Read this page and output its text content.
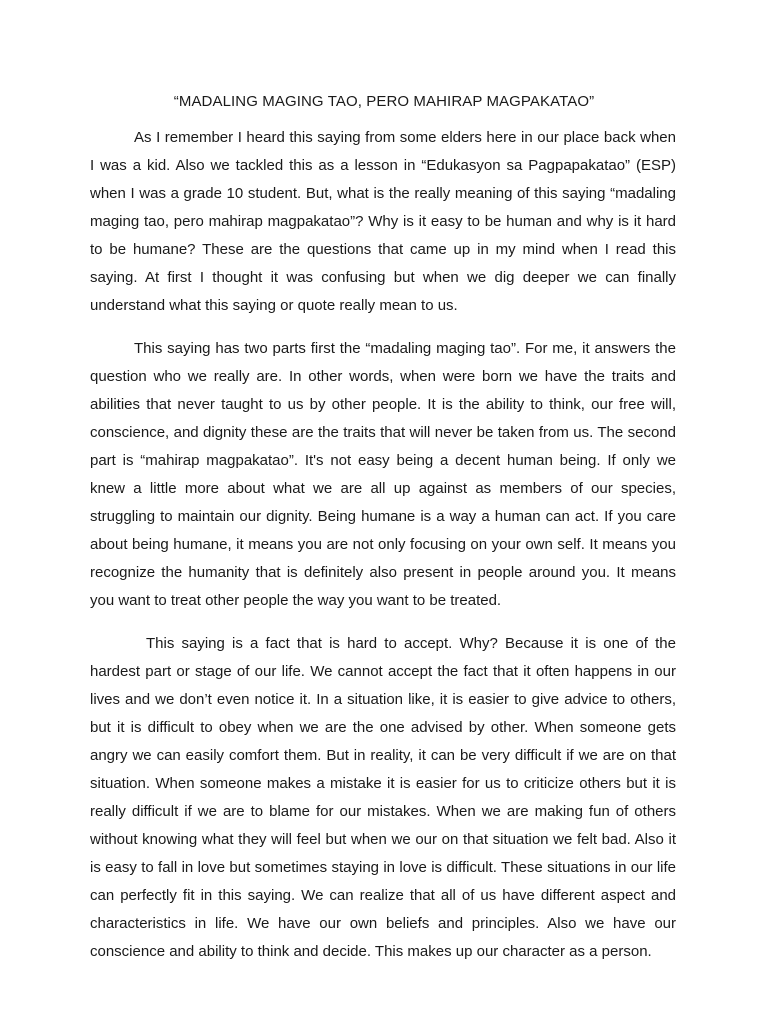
“MADALING MAGING TAO, PERO MAHIRAP MAGPAKATAO”

As I remember I heard this saying from some elders here in our place back when I was a kid. Also we tackled this as a lesson in “Edukasyon sa Pagpapakatao” (ESP) when I was a grade 10 student. But, what is the really meaning of this saying “madaling maging tao, pero mahirap magpakatao”? Why is it easy to be human and why is it hard to be humane? These are the questions that came up in my mind when I read this saying. At first I thought it was confusing but when we dig deeper we can finally understand what this saying or quote really mean to us.

This saying has two parts first the “madaling maging tao”. For me, it answers the question who we really are. In other words, when were born we have the traits and abilities that never taught to us by other people. It is the ability to think, our free will, conscience, and dignity these are the traits that will never be taken from us. The second part is “mahirap magpakatao”. It's not easy being a decent human being. If only we knew a little more about what we are all up against as members of our species, struggling to maintain our dignity. Being humane is a way a human can act. If you care about being humane, it means you are not only focusing on your own self. It means you recognize the humanity that is definitely also present in people around you. It means you want to treat other people the way you want to be treated.

This saying is a fact that is hard to accept. Why? Because it is one of the hardest part or stage of our life. We cannot accept the fact that it often happens in our lives and we don’t even notice it. In a situation like, it is easier to give advice to others, but it is difficult to obey when we are the one advised by other. When someone gets angry we can easily comfort them. But in reality, it can be very difficult if we are on that situation. When someone makes a mistake it is easier for us to criticize others but it is really difficult if we are to blame for our mistakes. When we are making fun of others without knowing what they will feel but when we our on that situation we felt bad. Also it is easy to fall in love but sometimes staying in love is difficult. These situations in our life can perfectly fit in this saying. We can realize that all of us have different aspect and characteristics in life. We have our own beliefs and principles. Also we have our conscience and ability to think and decide. This makes up our character as a person.
